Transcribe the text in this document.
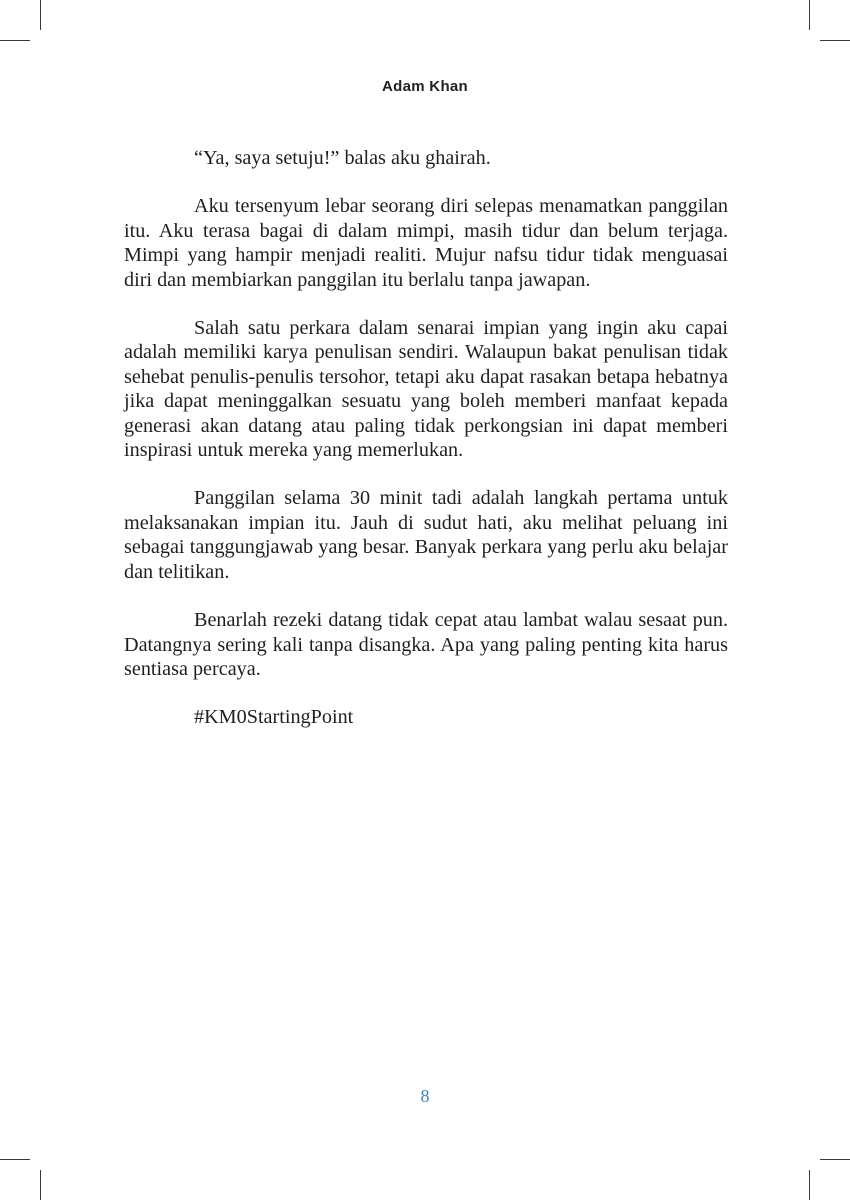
Adam Khan

“Ya, saya setuju!” balas aku ghairah.

Aku tersenyum lebar seorang diri selepas menamatkan panggilan itu. Aku terasa bagai di dalam mimpi, masih tidur dan belum terjaga. Mimpi yang hampir menjadi realiti. Mujur nafsu tidur tidak menguasai diri dan membiarkan panggilan itu berlalu tanpa jawapan.

Salah satu perkara dalam senarai impian yang ingin aku capai adalah memiliki karya penulisan sendiri. Walaupun bakat penulisan tidak sehebat penulis-penulis tersohor, tetapi aku dapat rasakan betapa hebatnya jika dapat meninggalkan sesuatu yang boleh memberi manfaat kepada generasi akan datang atau paling tidak perkongsian ini dapat memberi inspirasi untuk mereka yang memerlukan.

Panggilan selama 30 minit tadi adalah langkah pertama untuk melaksanakan impian itu. Jauh di sudut hati, aku melihat peluang ini sebagai tanggungjawab yang besar. Banyak perkara yang perlu aku belajar dan telitikan.

Benarlah rezeki datang tidak cepat atau lambat walau sesaat pun. Datangnya sering kali tanpa disangka. Apa yang paling penting kita harus sentiasa percaya.

#KM0StartingPoint

8
